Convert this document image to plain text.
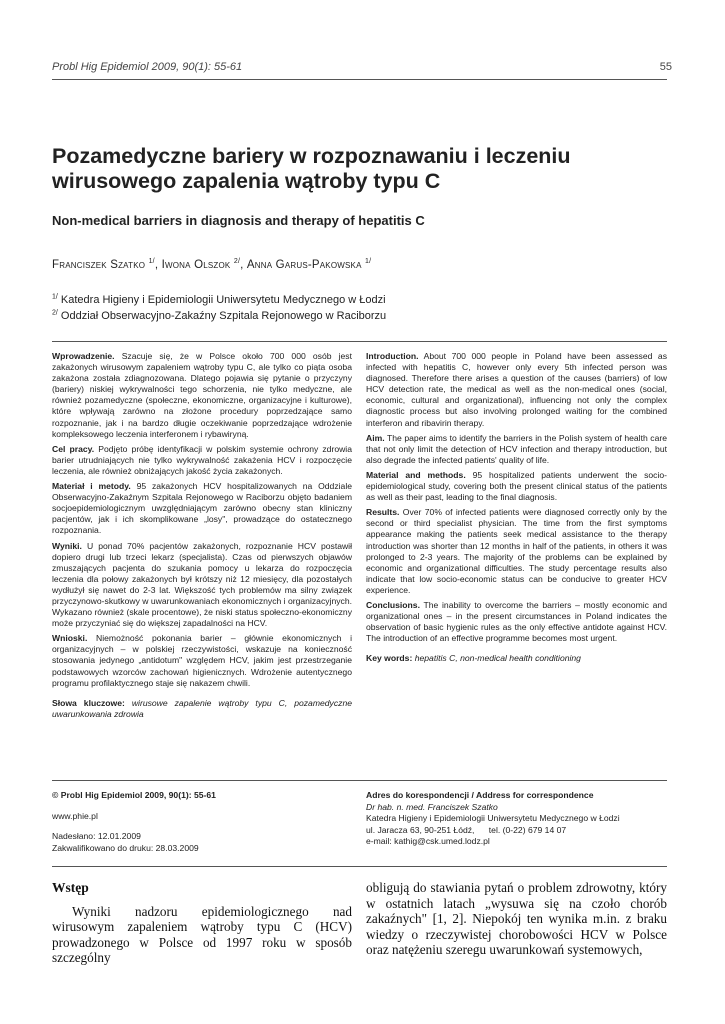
Probl Hig Epidemiol 2009, 90(1): 55-61	55
Pozamedyczne bariery w rozpoznawaniu i leczeniu
wirusowego zapalenia wątroby typu C
Non-medical barriers in diagnosis and therapy of hepatitis C
Franciszek Szatko $^{1/}$, Iwona Olszok $^{2/}$, Anna Garus-Pakowska $^{1/}$
$^{1/}$ Katedra Higieny i Epidemiologii Uniwersytetu Medycznego w Łodzi
$^{2/}$ Oddział Obserwacyjno-Zakaźny Szpitala Rejonowego w Raciborzu

Wprowadzenie. Szacuje się, że w Polsce około 700 000 osób jest zakażonych wirusowym zapaleniem wątroby typu C, ale tylko co piąta osoba zakażona została zdiagnozowana. Dlatego pojawia się pytanie o przyczyny (bariery) niskiej wykrywalności tego schorzenia, nie tylko medyczne, ale również pozamedyczne (społeczne, ekonomiczne, organizacyjne i kulturowe), które wpływają zarówno na złożone procedury poprzedzające samo rozpoznanie, jak i na bardzo długie oczekiwanie poprzedzające wdrożenie kompleksowego leczenia interferonem i rybawiryną.

Cel pracy. Podjęto próbę identyfikacji w polskim systemie ochrony zdrowia barier utrudniających nie tylko wykrywalność zakażenia HCV i rozpoczęcie leczenia, ale również obniżających jakość życia zakażonych.

Materiał i metody. 95 zakażonych HCV hospitalizowanych na Oddziale Obserwacyjno-Zakaźnym Szpitala Rejonowego w Raciborzu objęto badaniem socjoepidemiologicznym uwzględniającym zarówno obecny stan kliniczny pacjentów, jak i ich skomplikowane „losy", prowadzące do ostatecznego rozpoznania.

Wyniki. U ponad 70% pacjentów zakażonych, rozpoznanie HCV postawił dopiero drugi lub trzeci lekarz (specjalista). Czas od pierwszych objawów zmuszających pacjenta do szukania pomocy u lekarza do rozpoczęcia leczenia dla połowy zakażonych był krótszy niż 12 miesięcy, dla pozostałych wydłużył się nawet do 2-3 lat. Większość tych problemów ma silny związek przyczynowo-skutkowy w uwarunkowaniach ekonomicznych i organizacyjnych. Wykazano również (skale procentowe), że niski status społeczno-ekonomiczny może przyczyniać się do większej zapadalności na HCV.

Wnioski. Niemożność pokonania barier – głównie ekonomicznych i organizacyjnych – w polskiej rzeczywistości, wskazuje na konieczność stosowania jedynego „antidotum" względem HCV, jakim jest przestrzeganie podstawowych wzorców zachowań higienicznych. Wdrożenie autentycznego programu profilaktycznego staje się nakazem chwili.

Słowa kluczowe: wirusowe zapalenie wątroby typu C, pozamedyczne uwarunkowania zdrowia

Introduction. About 700 000 people in Poland have been assessed as infected with hepatitis C, however only every 5th infected person was diagnosed. Therefore there arises a question of the causes (barriers) of low HCV detection rate, the medical as well as the non-medical ones (social, economic, cultural and organizational), influencing not only the complex diagnostic process but also involving prolonged waiting for the combined interferon and ribavirin therapy.

Aim. The paper aims to identify the barriers in the Polish system of health care that not only limit the detection of HCV infection and therapy introduction, but also degrade the infected patients' quality of life.

Material and methods. 95 hospitalized patients underwent the socio-epidemiological study, covering both the present clinical status of the patients as well as their past, leading to the final diagnosis.

Results. Over 70% of infected patients were diagnosed correctly only by the second or third specialist physician. The time from the first symptoms appearance making the patients seek medical assistance to the therapy introduction was shorter than 12 months in half of the patients, in others it was prolonged to 2-3 years. The majority of the problems can be explained by economic and organizational difficulties. The study percentage results also indicate that low socio-economic status can be conducive to greater HCV experience.

Conclusions. The inability to overcome the barriers – mostly economic and organizational ones – in the present circumstances in Poland indicates the observation of basic hygienic rules as the only effective antidote against HCV. The introduction of an effective programme becomes most urgent.

Key words: hepatitis C, non-medical health conditioning

© Probl Hig Epidemiol 2009, 90(1): 55-61
www.phie.pl
Nadesłano: 12.01.2009
Zakwalifikowano do druku: 28.03.2009
Adres do korespondencji / Address for correspondence
Dr hab. n. med. Franciszek Szatko
Katedra Higieny i Epidemiologii Uniwersytetu Medycznego w Łodzi
ul. Jaracza 63, 90-251 Łódź, tel. (0-22) 679 14 07
e-mail: kathig@csk.umed.lodz.pl
Wstęp

Wyniki nadzoru epidemiologicznego nad wirusowym zapaleniem wątroby typu C (HCV) prowadzonego w Polsce od 1997 roku w sposób szczególny

obligują do stawiania pytań o problem zdrowotny, który w ostatnich latach „wysuwa się na czoło chorób zakaźnych" [1, 2]. Niepokój ten wynika m.in. z braku wiedzy o rzeczywistej chorobowości HCV w Polsce oraz natężeniu szeregu uwarunkowań systemowych,
